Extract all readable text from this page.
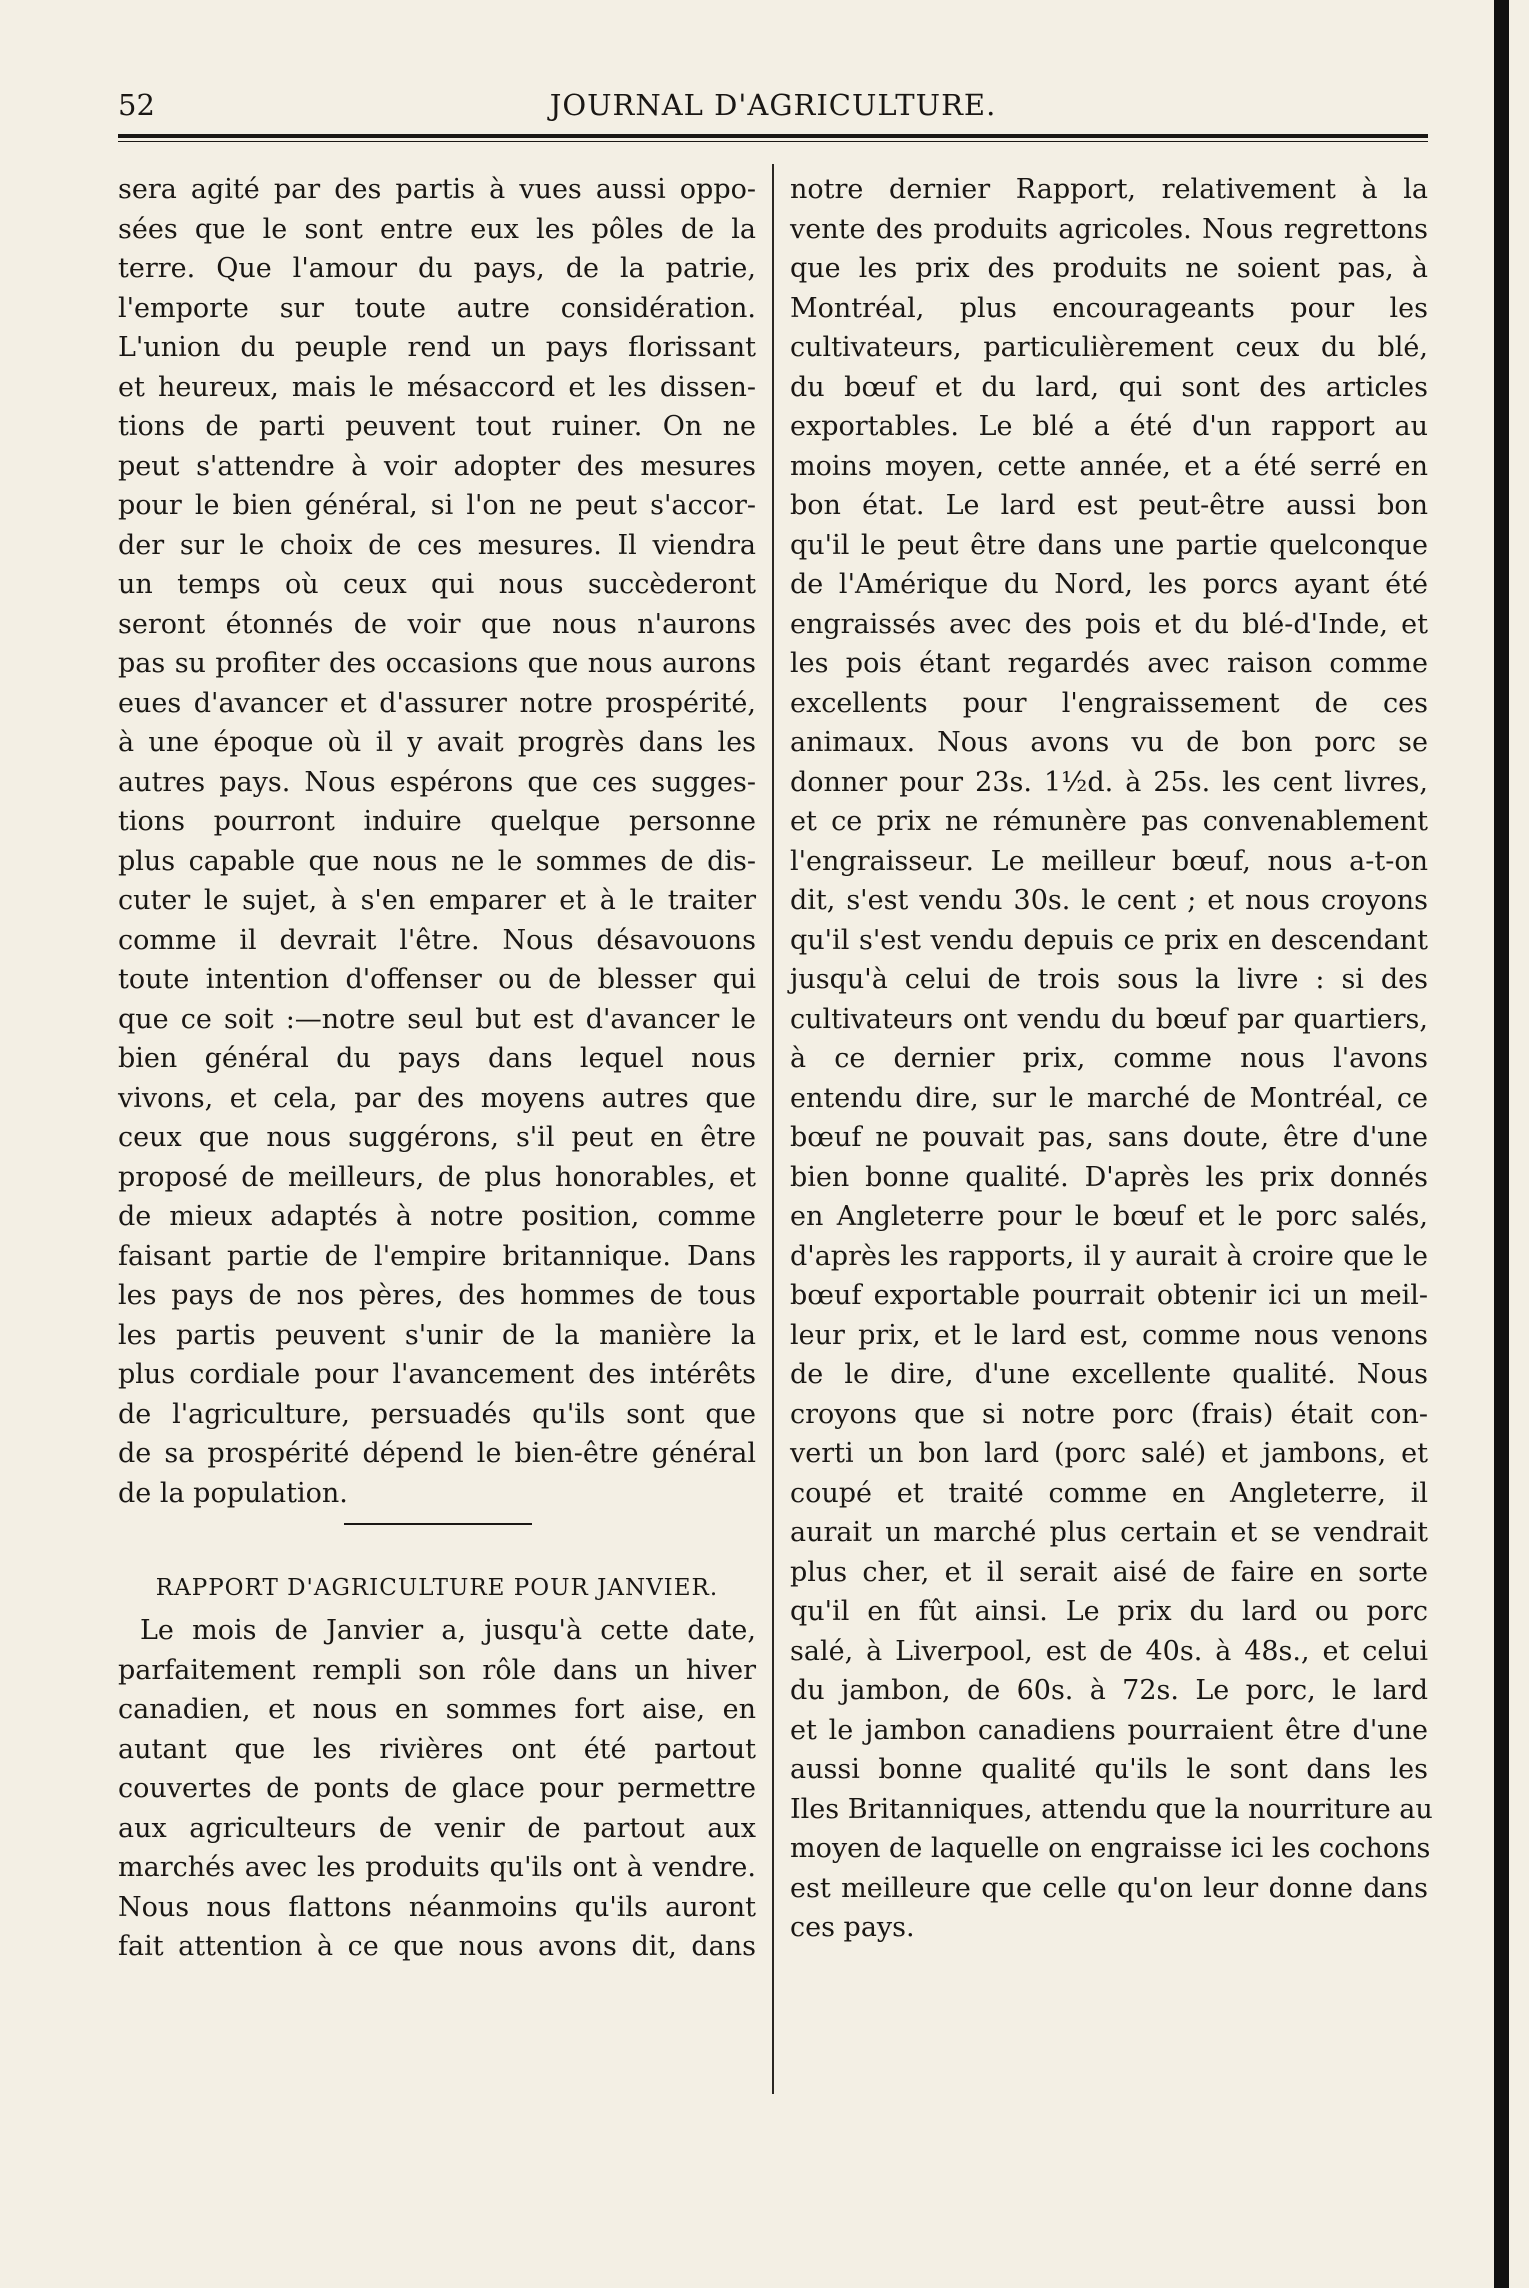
52	JOURNAL D'AGRICULTURE.
sera agité par des partis à vues aussi oppo-
sées que le sont entre eux les pôles de la
terre. Que l'amour du pays, de la patrie,
l'emporte sur toute autre considération.
L'union du peuple rend un pays florissant
et heureux, mais le mésaccord et les dissen-
tions de parti peuvent tout ruiner. On ne
peut s'attendre à voir adopter des mesures
pour le bien général, si l'on ne peut s'accor-
der sur le choix de ces mesures. Il viendra
un temps où ceux qui nous succèderont
seront étonnés de voir que nous n'aurons
pas su profiter des occasions que nous aurons
eues d'avancer et d'assurer notre prospérité,
à une époque où il y avait progrès dans les
autres pays. Nous espérons que ces sugges-
tions pourront induire quelque personne
plus capable que nous ne le sommes de dis-
cuter le sujet, à s'en emparer et à le traiter
comme il devrait l'être. Nous désavouons
toute intention d'offenser ou de blesser qui
que ce soit :—notre seul but est d'avancer le
bien général du pays dans lequel nous
vivons, et cela, par des moyens autres que
ceux que nous suggérons, s'il peut en être
proposé de meilleurs, de plus honorables, et
de mieux adaptés à notre position, comme
faisant partie de l'empire britannique. Dans
les pays de nos pères, des hommes de tous
les partis peuvent s'unir de la manière la
plus cordiale pour l'avancement des intérêts
de l'agriculture, persuadés qu'ils sont que
de sa prospérité dépend le bien-être général
de la population.
RAPPORT D'AGRICULTURE POUR JANVIER.
Le mois de Janvier a, jusqu'à cette date,
parfaitement rempli son rôle dans un hiver
canadien, et nous en sommes fort aise, en
autant que les rivières ont été partout
couvertes de ponts de glace pour permettre
aux agriculteurs de venir de partout aux
marchés avec les produits qu'ils ont à vendre.
Nous nous flattons néanmoins qu'ils auront
fait attention à ce que nous avons dit, dans
notre dernier Rapport, relativement à la
vente des produits agricoles. Nous regrettons
que les prix des produits ne soient pas, à
Montréal, plus encourageants pour les
cultivateurs, particulièrement ceux du blé,
du bœuf et du lard, qui sont des articles
exportables. Le blé a été d'un rapport au
moins moyen, cette année, et a été serré en
bon état. Le lard est peut-être aussi bon
qu'il le peut être dans une partie quelconque
de l'Amérique du Nord, les porcs ayant été
engraissés avec des pois et du blé-d'Inde, et
les pois étant regardés avec raison comme
excellents pour l'engraissement de ces
animaux. Nous avons vu de bon porc se
donner pour 23s. 1½d. à 25s. les cent livres,
et ce prix ne rémunère pas convenablement
l'engraisseur. Le meilleur bœuf, nous a-t-on
dit, s'est vendu 30s. le cent ; et nous croyons
qu'il s'est vendu depuis ce prix en descendant
jusqu'à celui de trois sous la livre : si des
cultivateurs ont vendu du bœuf par quartiers,
à ce dernier prix, comme nous l'avons
entendu dire, sur le marché de Montréal, ce
bœuf ne pouvait pas, sans doute, être d'une
bien bonne qualité. D'après les prix donnés
en Angleterre pour le bœuf et le porc salés,
d'après les rapports, il y aurait à croire que le
bœuf exportable pourrait obtenir ici un meil-
leur prix, et le lard est, comme nous venons
de le dire, d'une excellente qualité. Nous
croyons que si notre porc (frais) était con-
verti un bon lard (porc salé) et jambons, et
coupé et traité comme en Angleterre, il
aurait un marché plus certain et se vendrait
plus cher, et il serait aisé de faire en sorte
qu'il en fût ainsi. Le prix du lard ou porc
salé, à Liverpool, est de 40s. à 48s., et celui
du jambon, de 60s. à 72s. Le porc, le lard
et le jambon canadiens pourraient être d'une
aussi bonne qualité qu'ils le sont dans les
Iles Britanniques, attendu que la nourriture au
moyen de laquelle on engraisse ici les cochons
est meilleure que celle qu'on leur donne dans
ces pays.
